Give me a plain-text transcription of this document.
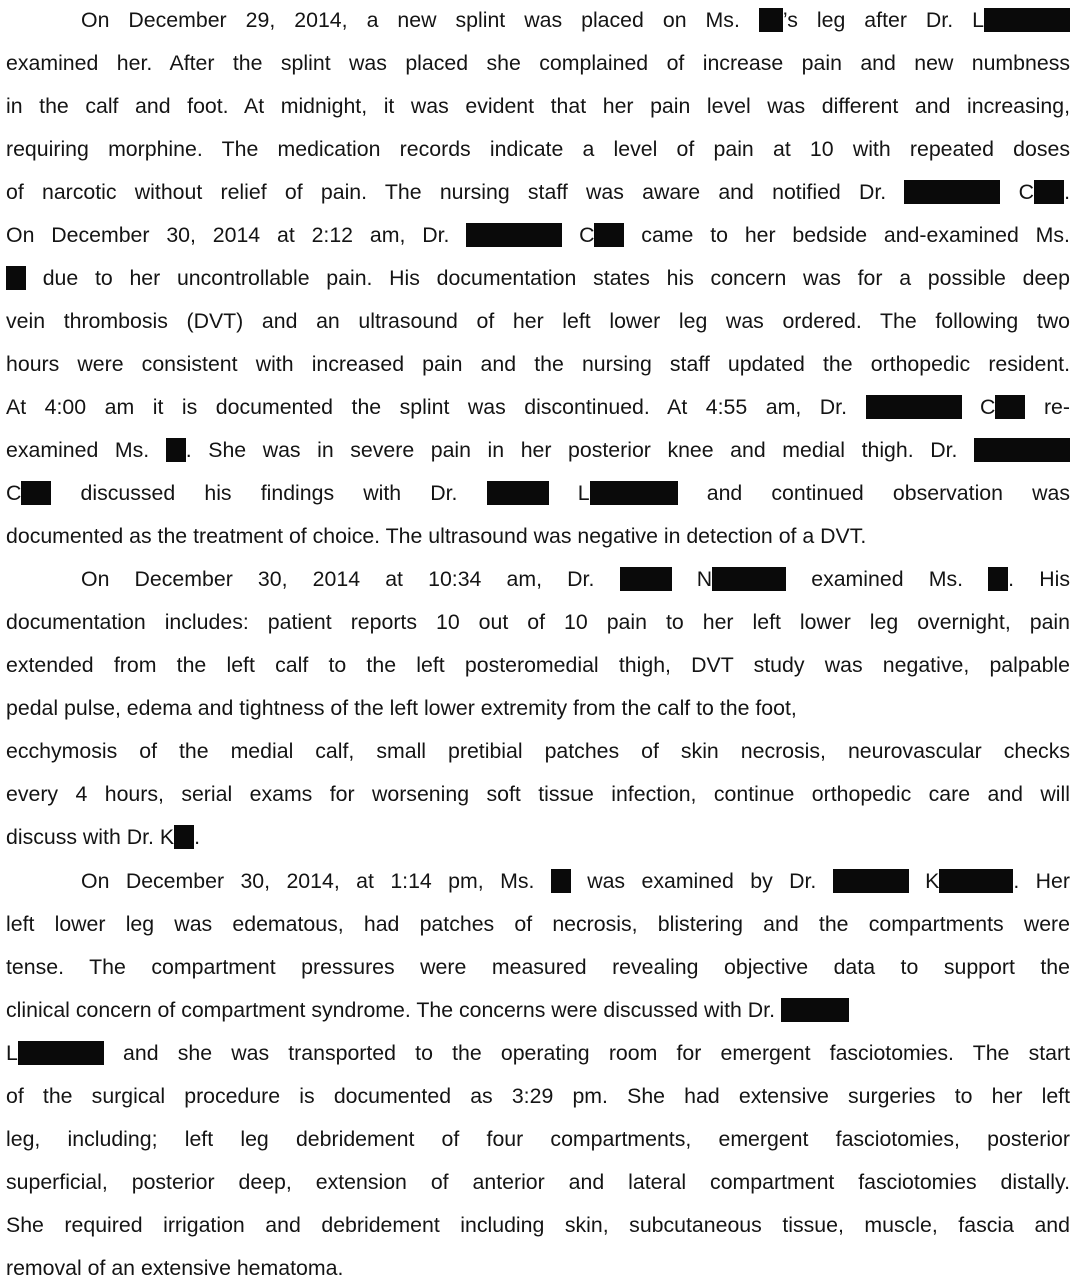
On December 29, 2014, a new splint was placed on Ms. ’s leg after Dr. L
examined her. After the splint was placed she complained of increase pain and new numbness
in the calf and foot. At midnight, it was evident that her pain level was different and increasing,
requiring morphine. The medication records indicate a level of pain at 10 with repeated doses
of narcotic without relief of pain. The nursing staff was aware and notified Dr.	C .
On December 30, 2014 at 2:12 am, Dr.	C came to her bedside and-examined Ms.
due to her uncontrollable pain. His documentation states his concern was for a possible deep
vein thrombosis (DVT) and an ultrasound of her left lower leg was ordered. The following two
hours were consistent with increased pain and the nursing staff updated the orthopedic resident.
At 4:00 am it is documented the splint was discontinued. At 4:55 am, Dr.	C re-
examined Ms. . She was in severe pain in her posterior knee and medial thigh. Dr.
C discussed his findings with Dr.	L	and continued observation was
documented as the treatment of choice. The ultrasound was negative in detection of a DVT.
On December 30, 2014 at 10:34 am, Dr.  N	examined Ms. . His
documentation includes: patient reports 10 out of 10 pain to her left lower leg overnight, pain
extended from the left calf to the left posteromedial thigh, DVT study was negative, palpable
pedal pulse, edema and tightness of the left lower extremity from the calf to the foot,
ecchymosis of the medial calf, small pretibial patches of skin necrosis, neurovascular checks
every 4 hours, serial exams for worsening soft tissue infection, continue orthopedic care and will
discuss with Dr. K .
On December 30, 2014, at 1:14 pm, Ms.  was examined by Dr.	K	. Her
left lower leg was edematous, had patches of necrosis, blistering and the compartments were
tense. The compartment pressures were measured revealing objective data to support the
clinical concern of compartment syndrome. The concerns were discussed with Dr.
L	and she was transported to the operating room for emergent fasciotomies. The start
of the surgical procedure is documented as 3:29 pm. She had extensive surgeries to her left
leg, including; left leg debridement of four compartments, emergent fasciotomies, posterior
superficial, posterior deep, extension of anterior and lateral compartment fasciotomies distally.
She required irrigation and debridement including skin, subcutaneous tissue, muscle, fascia and
removal of an extensive hematoma.
